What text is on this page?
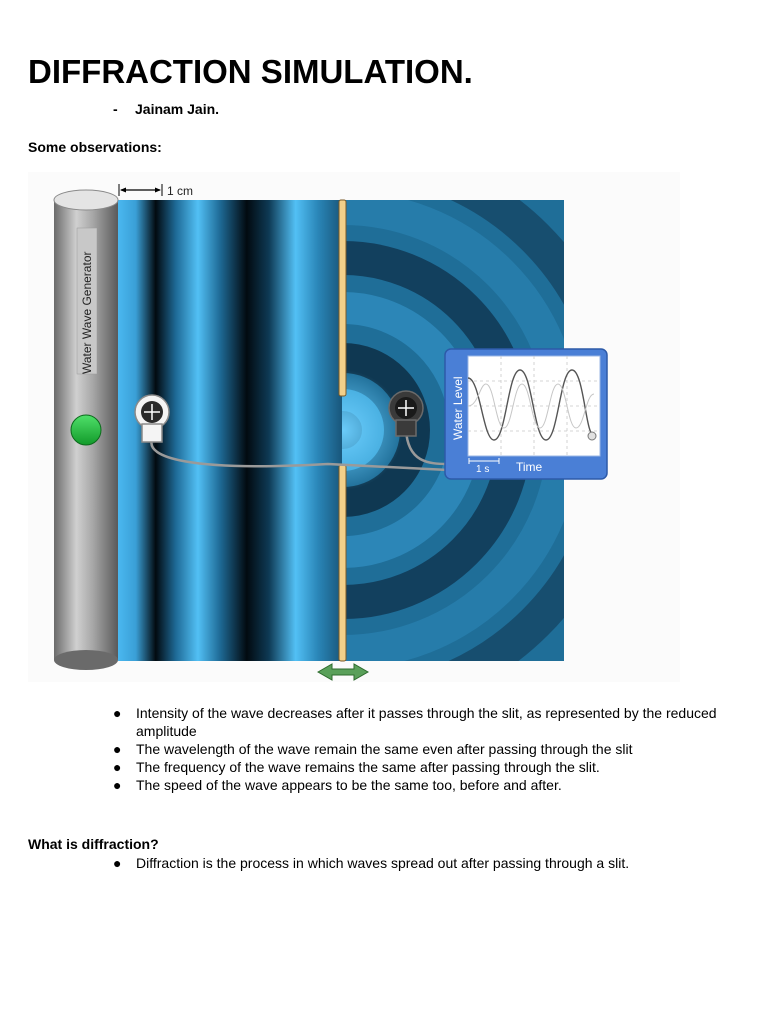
DIFFRACTION SIMULATION.
- Jainam Jain.
Some observations:
1 cm
Water Wave Generator
Water Level
1 s Time
● Intensity of the wave decreases after it passes through the slit, as represented by the reduced amplitude
● The wavelength of the wave remain the same even after passing through the slit
● The frequency of the wave remains the same after passing through the slit.
● The speed of the wave appears to be the same too, before and after.
What is diffraction?
● Diffraction is the process in which waves spread out after passing through a slit.
